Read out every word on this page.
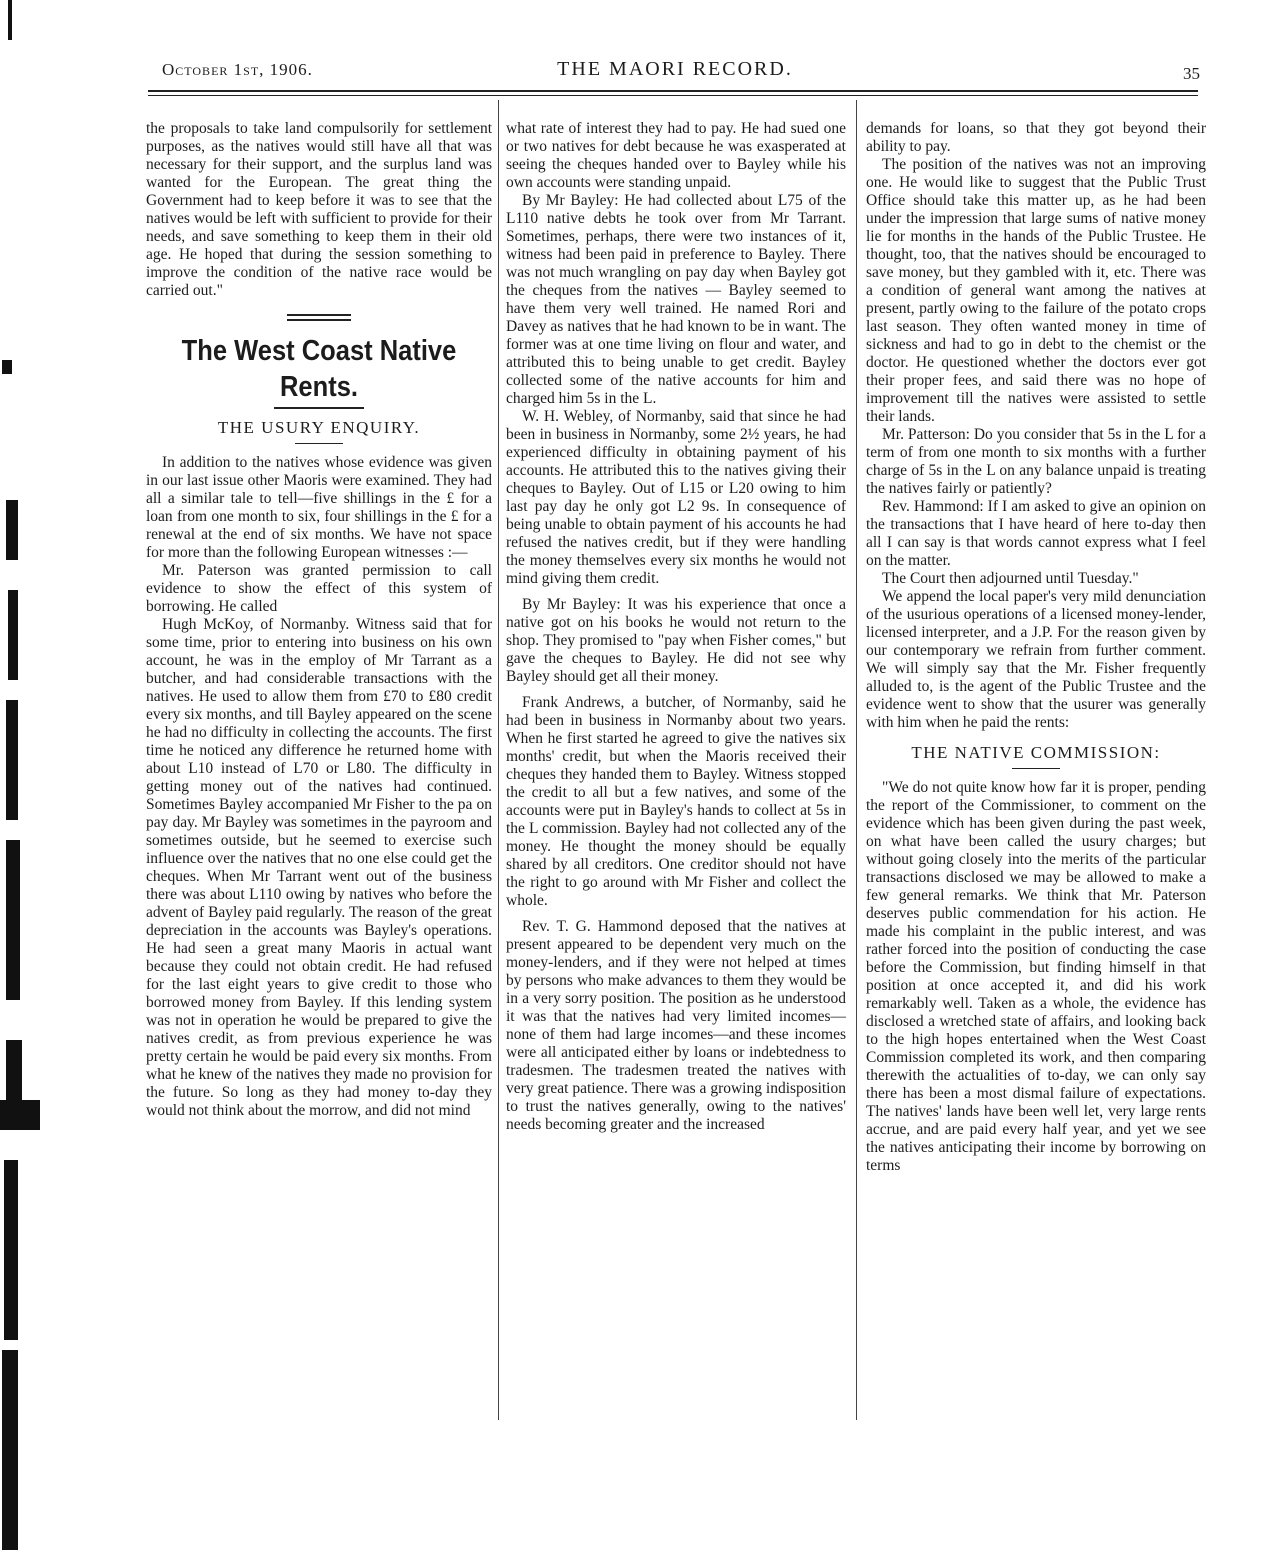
October 1st, 1906.	THE MAORI RECORD.	35

the proposals to take land compulsorily for settlement purposes, as the natives would still have all that was necessary for their support, and the surplus land was wanted for the European. The great thing the Government had to keep before it was to see that the natives would be left with sufficient to provide for their needs, and save something to keep them in their old age. He hoped that during the session something to improve the condition of the native race would be carried out."

The West Coast Native Rents.
THE USURY ENQUIRY.

In addition to the natives whose evidence was given in our last issue other Maoris were examined. They had all a similar tale to tell—five shillings in the £ for a loan from one month to six, four shillings in the £ for a renewal at the end of six months. We have not space for more than the following European witnesses :—

Mr. Paterson was granted permission to call evidence to show the effect of this system of borrowing. He called

Hugh McKoy, of Normanby. Witness said that for some time, prior to entering into business on his own account, he was in the employ of Mr Tarrant as a butcher, and had considerable transactions with the natives. He used to allow them from £70 to £80 credit every six months, and till Bayley appeared on the scene he had no difficulty in collecting the accounts. The first time he noticed any difference he returned home with about L10 instead of L70 or L80. The difficulty in getting money out of the natives had continued. Sometimes Bayley accompanied Mr Fisher to the pa on pay day. Mr Bayley was sometimes in the payroom and sometimes outside, but he seemed to exercise such influence over the natives that no one else could get the cheques. When Mr Tarrant went out of the business there was about L110 owing by natives who before the advent of Bayley paid regularly. The reason of the great depreciation in the accounts was Bayley's operations. He had seen a great many Maoris in actual want because they could not obtain credit. He had refused for the last eight years to give credit to those who borrowed money from Bayley. If this lending system was not in operation he would be prepared to give the natives credit, as from previous experience he was pretty certain he would be paid every six months. From what he knew of the natives they made no provision for the future. So long as they had money to-day they would not think about the morrow, and did not mind

what rate of interest they had to pay. He had sued one or two natives for debt because he was exasperated at seeing the cheques handed over to Bayley while his own accounts were standing unpaid.

By Mr Bayley: He had collected about L75 of the L110 native debts he took over from Mr Tarrant. Sometimes, perhaps, there were two instances of it, witness had been paid in preference to Bayley. There was not much wrangling on pay day when Bayley got the cheques from the natives — Bayley seemed to have them very well trained. He named Rori and Davey as natives that he had known to be in want. The former was at one time living on flour and water, and attributed this to being unable to get credit. Bayley collected some of the native accounts for him and charged him 5s in the L.

W. H. Webley, of Normanby, said that since he had been in business in Normanby, some 2½ years, he had experienced difficulty in obtaining payment of his accounts. He attributed this to the natives giving their cheques to Bayley. Out of L15 or L20 owing to him last pay day he only got L2 9s. In consequence of being unable to obtain payment of his accounts he had refused the natives credit, but if they were handling the money themselves every six months he would not mind giving them credit.

By Mr Bayley: It was his experience that once a native got on his books he would not return to the shop. They promised to "pay when Fisher comes," but gave the cheques to Bayley. He did not see why Bayley should get all their money.

Frank Andrews, a butcher, of Normanby, said he had been in business in Normanby about two years. When he first started he agreed to give the natives six months' credit, but when the Maoris received their cheques they handed them to Bayley. Witness stopped the credit to all but a few natives, and some of the accounts were put in Bayley's hands to collect at 5s in the L commission. Bayley had not collected any of the money. He thought the money should be equally shared by all creditors. One creditor should not have the right to go around with Mr Fisher and collect the whole.

Rev. T. G. Hammond deposed that the natives at present appeared to be dependent very much on the money-lenders, and if they were not helped at times by persons who make advances to them they would be in a very sorry position. The position as he understood it was that the natives had very limited incomes—none of them had large incomes—and these incomes were all anticipated either by loans or indebtedness to tradesmen. The tradesmen treated the natives with very great patience. There was a growing indisposition to trust the natives generally, owing to the natives' needs becoming greater and the increased

demands for loans, so that they got beyond their ability to pay.

The position of the natives was not an improving one. He would like to suggest that the Public Trust Office should take this matter up, as he had been under the impression that large sums of native money lie for months in the hands of the Public Trustee. He thought, too, that the natives should be encouraged to save money, but they gambled with it, etc. There was a condition of general want among the natives at present, partly owing to the failure of the potato crops last season. They often wanted money in time of sickness and had to go in debt to the chemist or the doctor. He questioned whether the doctors ever got their proper fees, and said there was no hope of improvement till the natives were assisted to settle their lands.

Mr. Patterson: Do you consider that 5s in the L for a term of from one month to six months with a further charge of 5s in the L on any balance unpaid is treating the natives fairly or patiently?

Rev. Hammond: If I am asked to give an opinion on the transactions that I have heard of here to-day then all I can say is that words cannot express what I feel on the matter.

The Court then adjourned until Tuesday."

We append the local paper's very mild denunciation of the usurious operations of a licensed money-lender, licensed interpreter, and a J.P. For the reason given by our contemporary we refrain from further comment. We will simply say that the Mr. Fisher frequently alluded to, is the agent of the Public Trustee and the evidence went to show that the usurer was generally with him when he paid the rents:

THE NATIVE COMMISSION:

"We do not quite know how far it is proper, pending the report of the Commissioner, to comment on the evidence which has been given during the past week, on what have been called the usury charges; but without going closely into the merits of the particular transactions disclosed we may be allowed to make a few general remarks. We think that Mr. Paterson deserves public commendation for his action. He made his complaint in the public interest, and was rather forced into the position of conducting the case before the Commission, but finding himself in that position at once accepted it, and did his work remarkably well. Taken as a whole, the evidence has disclosed a wretched state of affairs, and looking back to the high hopes entertained when the West Coast Commission completed its work, and then comparing therewith the actualities of to-day, we can only say there has been a most dismal failure of expectations. The natives' lands have been well let, very large rents accrue, and are paid every half year, and yet we see the natives anticipating their income by borrowing on terms
